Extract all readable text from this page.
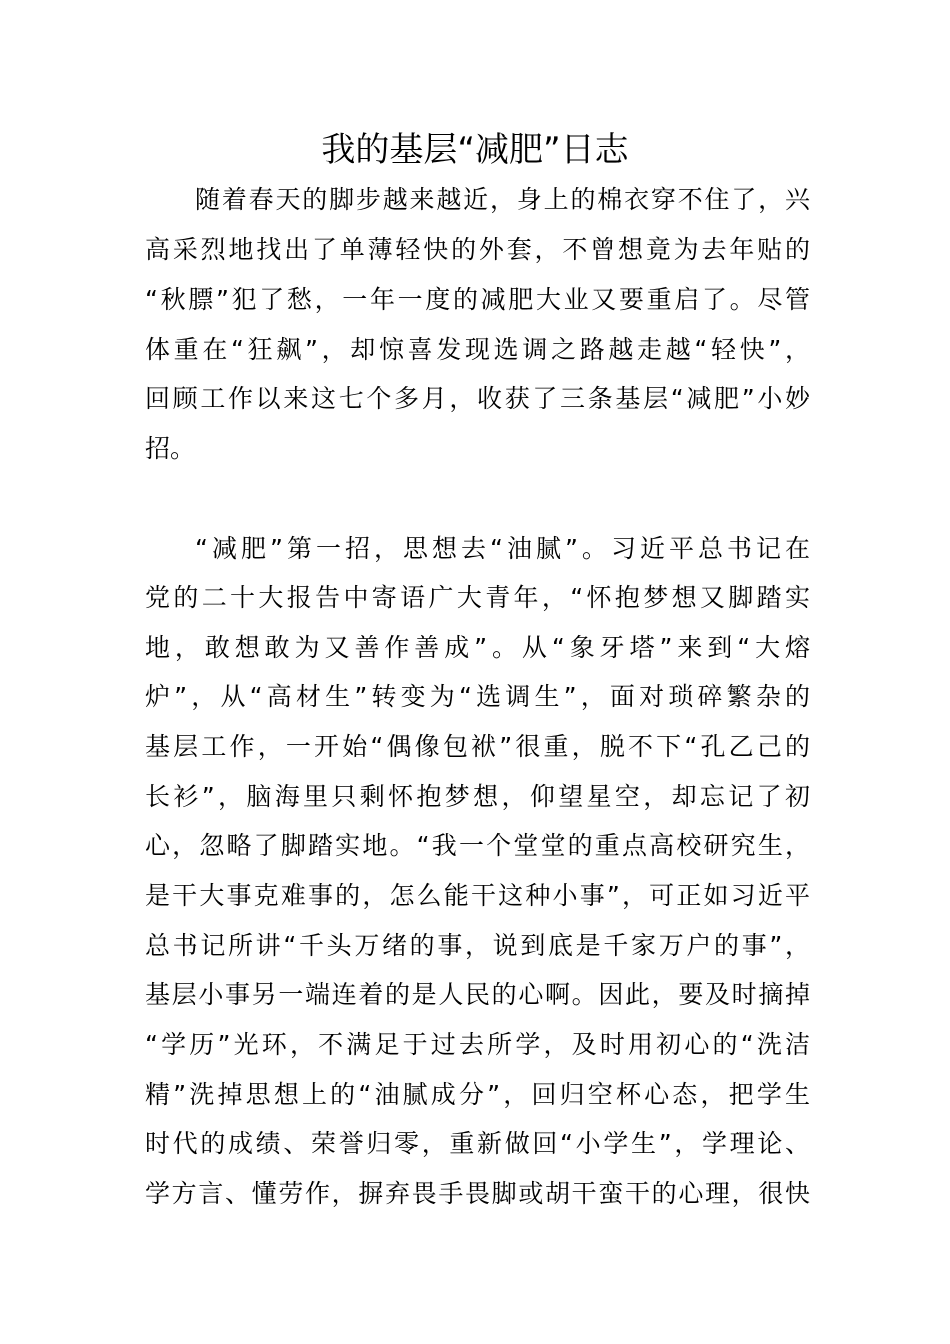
我的基层“减肥”日志
随着春天的脚步越来越近，身上的棉衣穿不住了，兴
高采烈地找出了单薄轻快的外套，不曾想竟为去年贴的
“秋膘”犯了愁，一年一度的减肥大业又要重启了。尽管
体重在“狂飙”，却惊喜发现选调之路越走越“轻快”，
回顾工作以来这七个多月，收获了三条基层“减肥”小妙
招。
“减肥”第一招，思想去“油腻”。习近平总书记在
党的二十大报告中寄语广大青年，“怀抱梦想又脚踏实
地，敢想敢为又善作善成”。从“象牙塔”来到“大熔
炉”，从“高材生”转变为“选调生”，面对琐碎繁杂的
基层工作，一开始“偶像包袱”很重，脱不下“孔乙己的
长衫”，脑海里只剩怀抱梦想，仰望星空，却忘记了初
心，忽略了脚踏实地。“我一个堂堂的重点高校研究生，
是干大事克难事的，怎么能干这种小事”，可正如习近平
总书记所讲“千头万绪的事，说到底是千家万户的事”，
基层小事另一端连着的是人民的心啊。因此，要及时摘掉
“学历”光环，不满足于过去所学，及时用初心的“洗洁
精”洗掉思想上的“油腻成分”，回归空杯心态，把学生
时代的成绩、荣誉归零，重新做回“小学生”，学理论、
学方言、懂劳作，摒弃畏手畏脚或胡干蛮干的心理，很快
